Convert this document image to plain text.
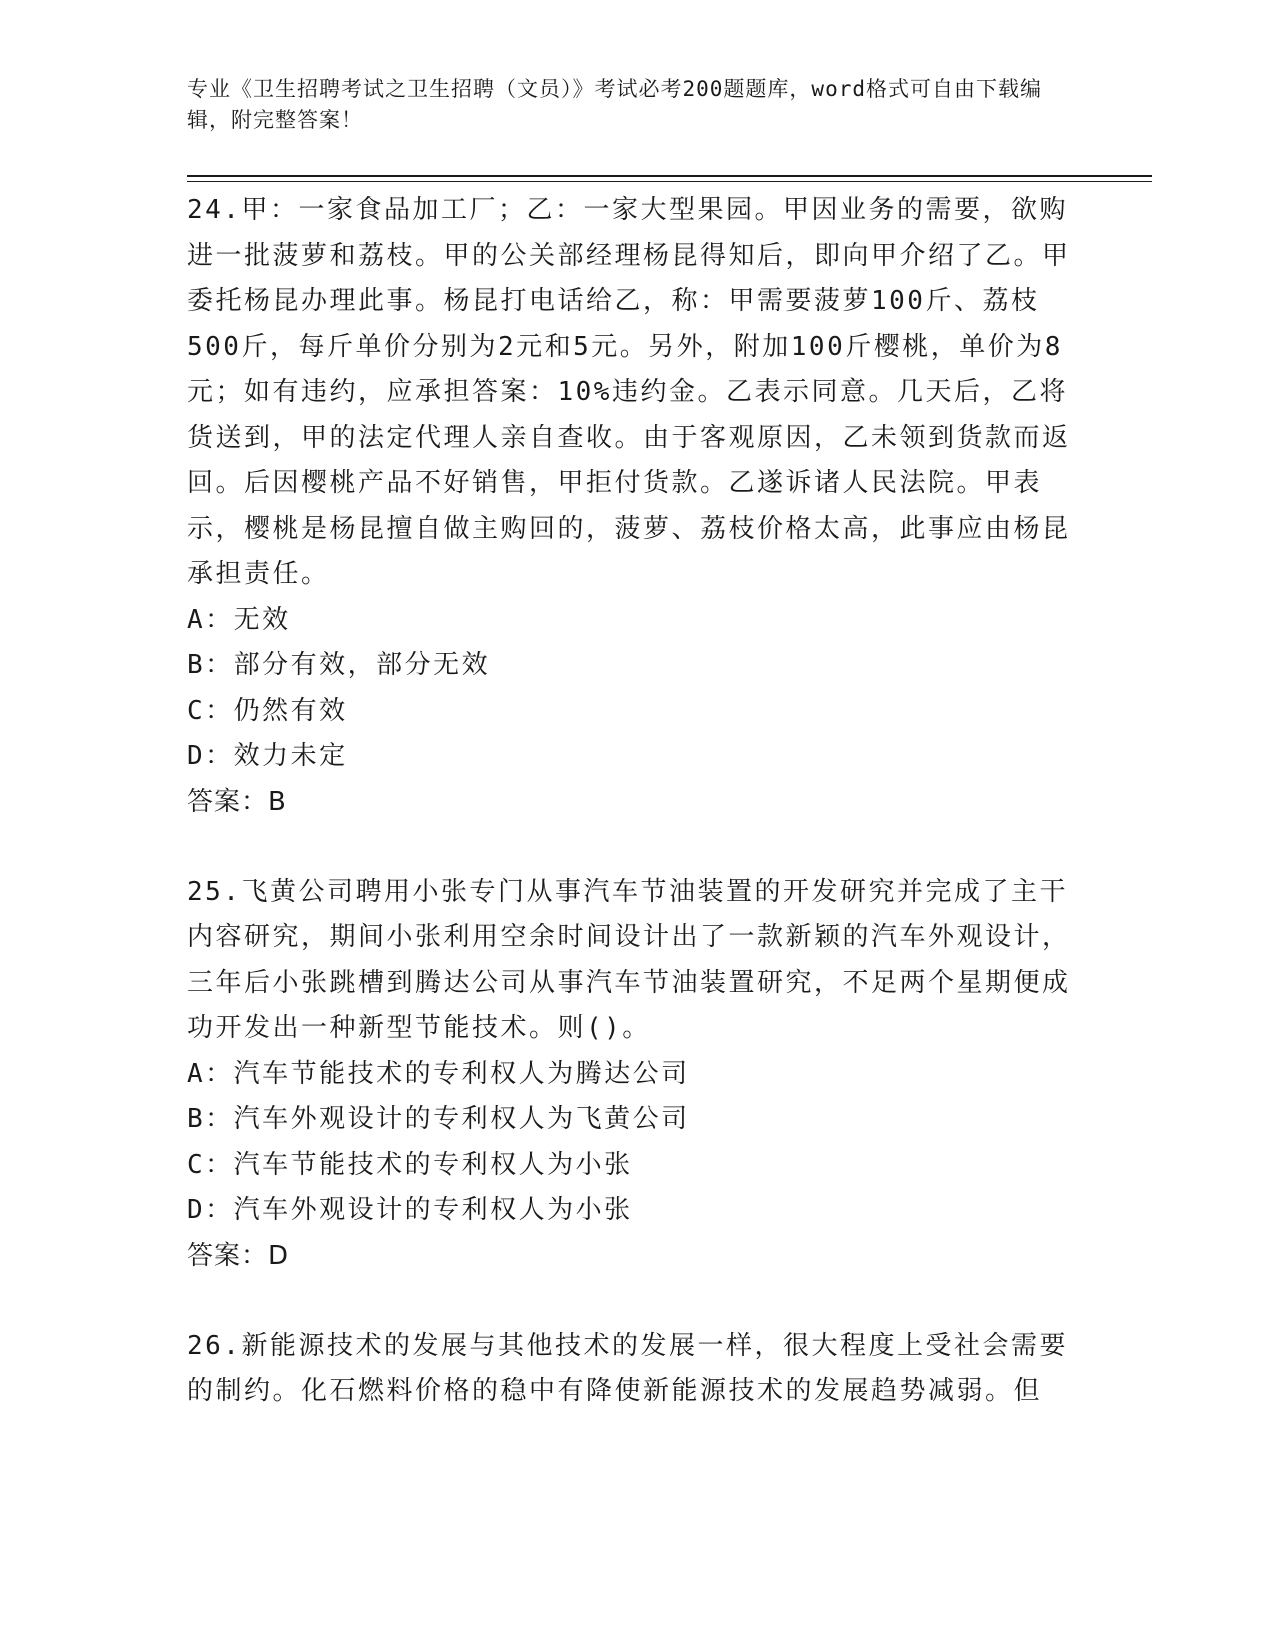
专业《卫生招聘考试之卫生招聘（文员）》考试必考200题题库，word格式可自由下载编辑，附完整答案！
24.甲：一家食品加工厂；乙：一家大型果园。甲因业务的需要，欲购进一批菠萝和荔枝。甲的公关部经理杨昆得知后，即向甲介绍了乙。甲委托杨昆办理此事。杨昆打电话给乙，称：甲需要菠萝100斤、荔枝500斤，每斤单价分别为2元和5元。另外，附加100斤樱桃，单价为8元；如有违约，应承担答案：10%违约金。乙表示同意。几天后，乙将货送到，甲的法定代理人亲自查收。由于客观原因，乙未领到货款而返回。后因樱桃产品不好销售，甲拒付货款。乙遂诉诸人民法院。甲表示，樱桃是杨昆擅自做主购回的，菠萝、荔枝价格太高，此事应由杨昆承担责任。
A：无效
B：部分有效，部分无效
C：仍然有效
D：效力未定
答案：B
25.飞黄公司聘用小张专门从事汽车节油装置的开发研究并完成了主干内容研究，期间小张利用空余时间设计出了一款新颖的汽车外观设计，三年后小张跳槽到腾达公司从事汽车节油装置研究，不足两个星期便成功开发出一种新型节能技术。则()。
A：汽车节能技术的专利权人为腾达公司
B：汽车外观设计的专利权人为飞黄公司
C：汽车节能技术的专利权人为小张
D：汽车外观设计的专利权人为小张
答案：D
26.新能源技术的发展与其他技术的发展一样，很大程度上受社会需要的制约。化石燃料价格的稳中有降使新能源技术的发展趋势减弱。但
